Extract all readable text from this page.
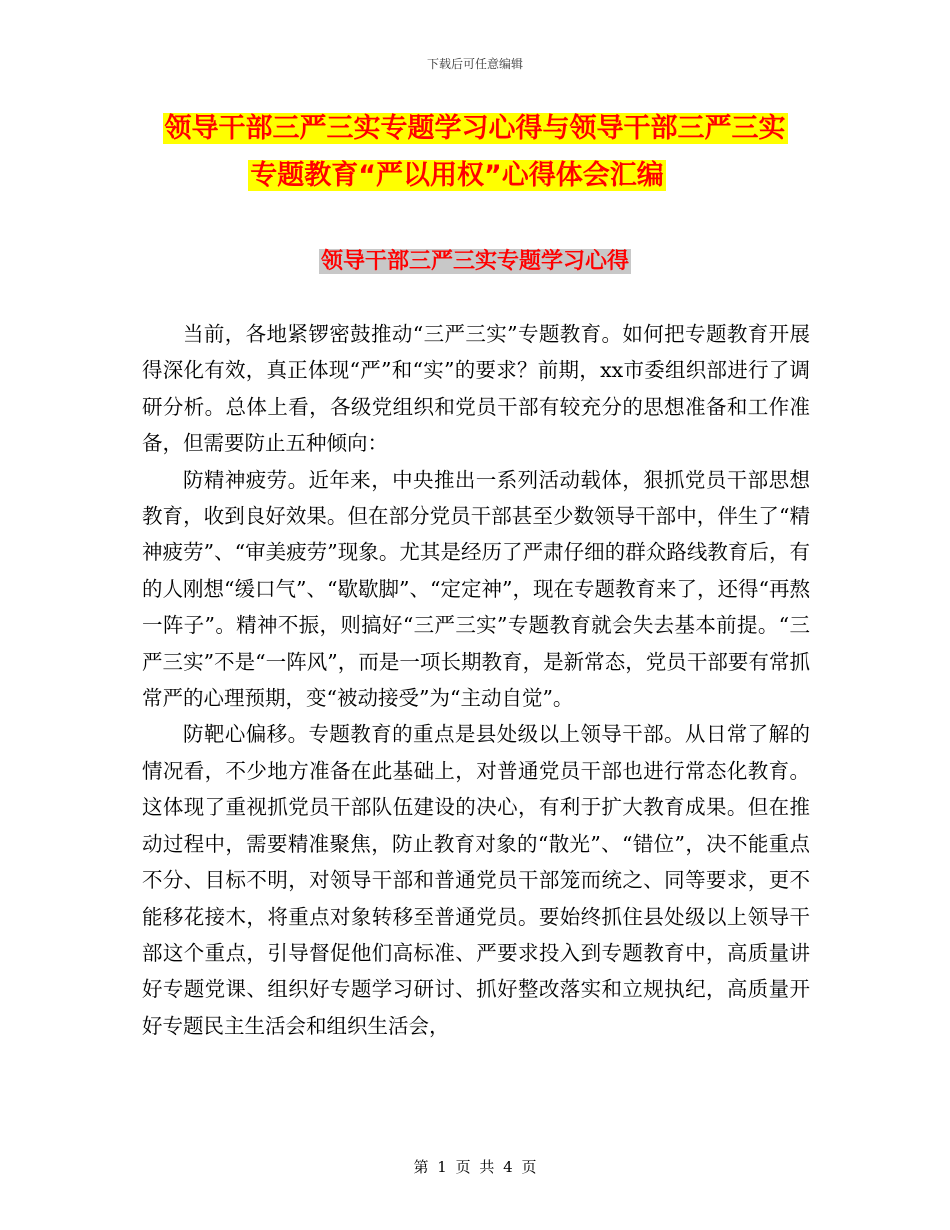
下载后可任意编辑
领导干部三严三实专题学习心得与领导干部三严三实
专题教育“严以用权”心得体会汇编
领导干部三严三实专题学习心得

当前，各地紧锣密鼓推动“三严三实”专题教育。如何把专题教育开展得深化有效，真正体现“严”和“实”的要求？前期，xx市委组织部进行了调研分析。总体上看，各级党组织和党员干部有较充分的思想准备和工作准备，但需要防止五种倾向：

防精神疲劳。近年来，中央推出一系列活动载体，狠抓党员干部思想教育，收到良好效果。但在部分党员干部甚至少数领导干部中，伴生了“精神疲劳”、“审美疲劳”现象。尤其是经历了严肃仔细的群众路线教育后，有的人刚想“缓口气”、“歇歇脚”、“定定神”，现在专题教育来了，还得“再熬一阵子”。精神不振，则搞好“三严三实”专题教育就会失去基本前提。“三严三实”不是“一阵风”，而是一项长期教育，是新常态，党员干部要有常抓常严的心理预期，变“被动接受”为“主动自觉”。

防靶心偏移。专题教育的重点是县处级以上领导干部。从日常了解的情况看，不少地方准备在此基础上，对普通党员干部也进行常态化教育。这体现了重视抓党员干部队伍建设的决心，有利于扩大教育成果。但在推动过程中，需要精准聚焦，防止教育对象的“散光”、“错位”，决不能重点不分、目标不明，对领导干部和普通党员干部笼而统之、同等要求，更不能移花接木，将重点对象转移至普通党员。要始终抓住县处级以上领导干部这个重点，引导督促他们高标准、严要求投入到专题教育中，高质量讲好专题党课、组织好专题学习研讨、抓好整改落实和立规执纪，高质量开好专题民主生活会和组织生活会，

第 1 页 共 4 页
